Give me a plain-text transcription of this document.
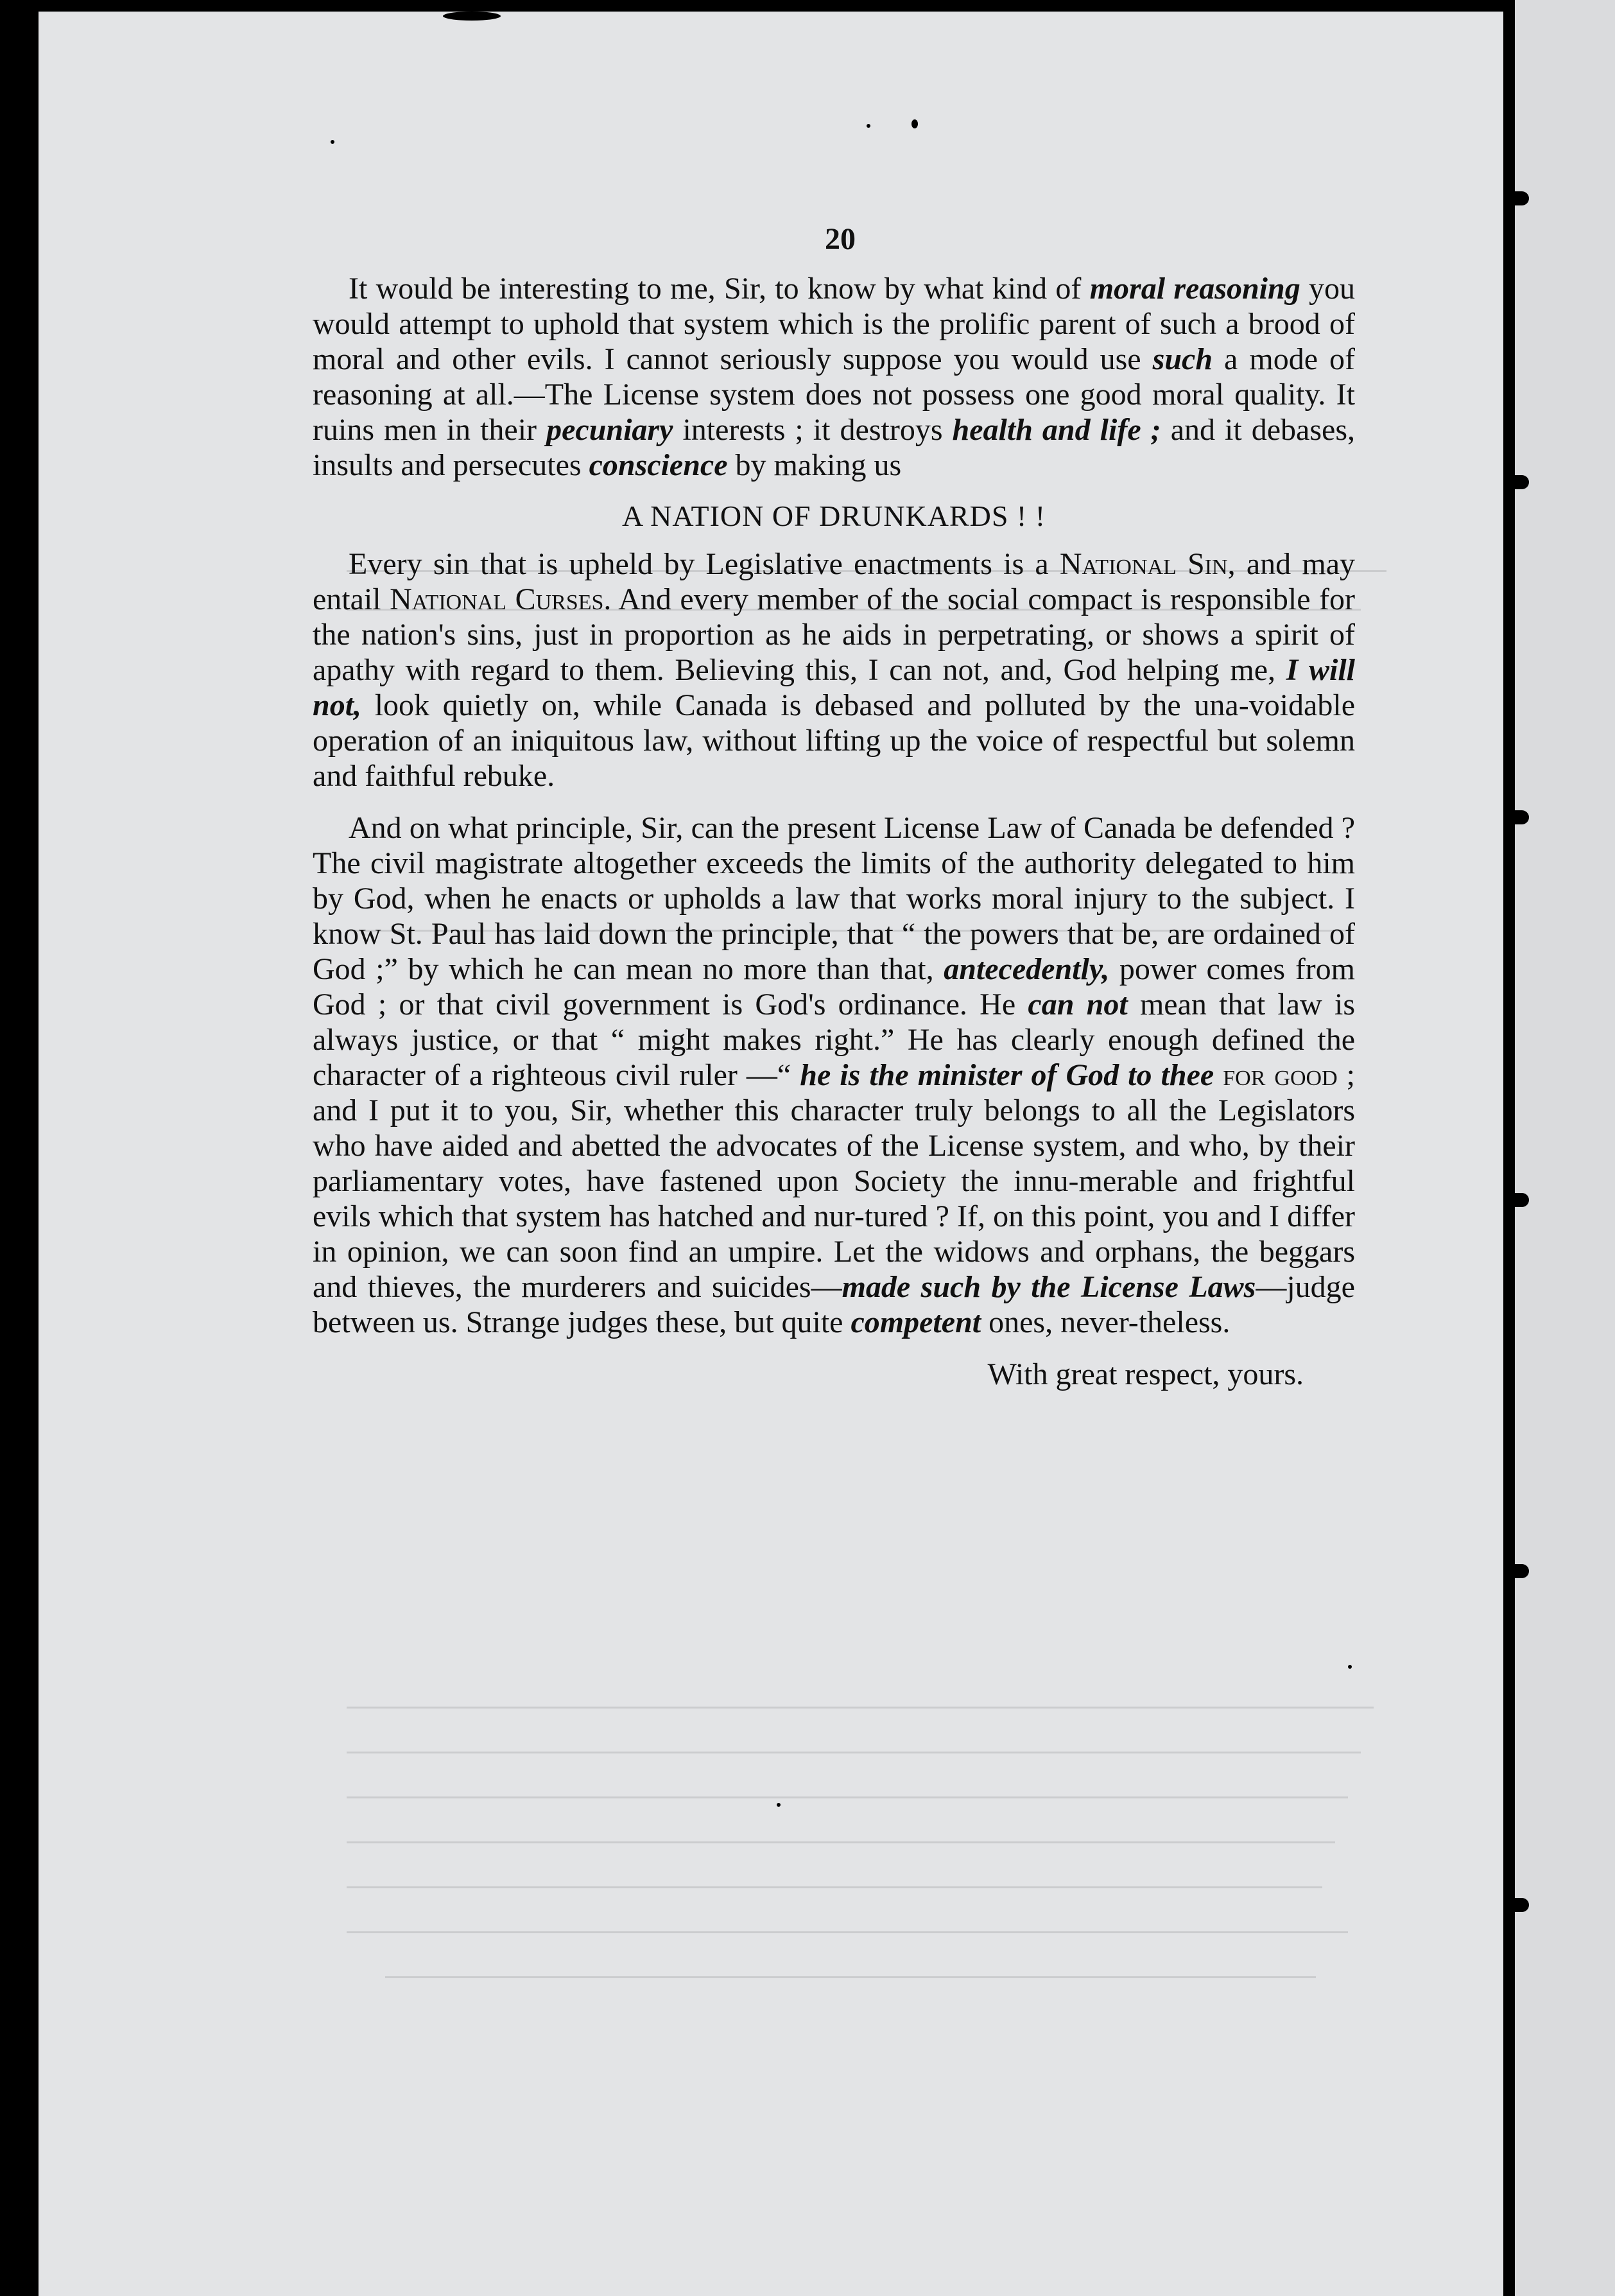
20

It would be interesting to me, Sir, to know by what kind of moral reasoning you would attempt to uphold that system which is the prolific parent of such a brood of moral and other evils. I cannot seriously suppose you would use such a mode of reasoning at all.—The License system does not possess one good moral quality. It ruins men in their pecuniary interests ; it destroys health and life ; and it debases, insults and persecutes conscience by making us

A NATION OF DRUNKARDS ! !

Every sin that is upheld by Legislative enactments is a National Sin, and may entail National Curses. And every member of the social compact is responsible for the nation's sins, just in proportion as he aids in perpetrating, or shows a spirit of apathy with regard to them. Believing this, I can not, and, God helping me, I will not, look quietly on, while Canada is debased and polluted by the una-voidable operation of an iniquitous law, without lifting up the voice of respectful but solemn and faithful rebuke.

And on what principle, Sir, can the present License Law of Canada be defended ? The civil magistrate altogether exceeds the limits of the authority delegated to him by God, when he enacts or upholds a law that works moral injury to the subject. I know St. Paul has laid down the principle, that “ the powers that be, are ordained of God ;” by which he can mean no more than that, antecedently, power comes from God ; or that civil government is God's ordinance. He can not mean that law is always justice, or that “ might makes right.” He has clearly enough defined the character of a righteous civil ruler —“ he is the minister of God to thee for good ; and I put it to you, Sir, whether this character truly belongs to all the Legislators who have aided and abetted the advocates of the License system, and who, by their parliamentary votes, have fastened upon Society the innu-merable and frightful evils which that system has hatched and nur-tured ? If, on this point, you and I differ in opinion, we can soon find an umpire. Let the widows and orphans, the beggars and thieves, the murderers and suicides—made such by the License Laws—judge between us. Strange judges these, but quite competent ones, never-theless.

With great respect, yours.
